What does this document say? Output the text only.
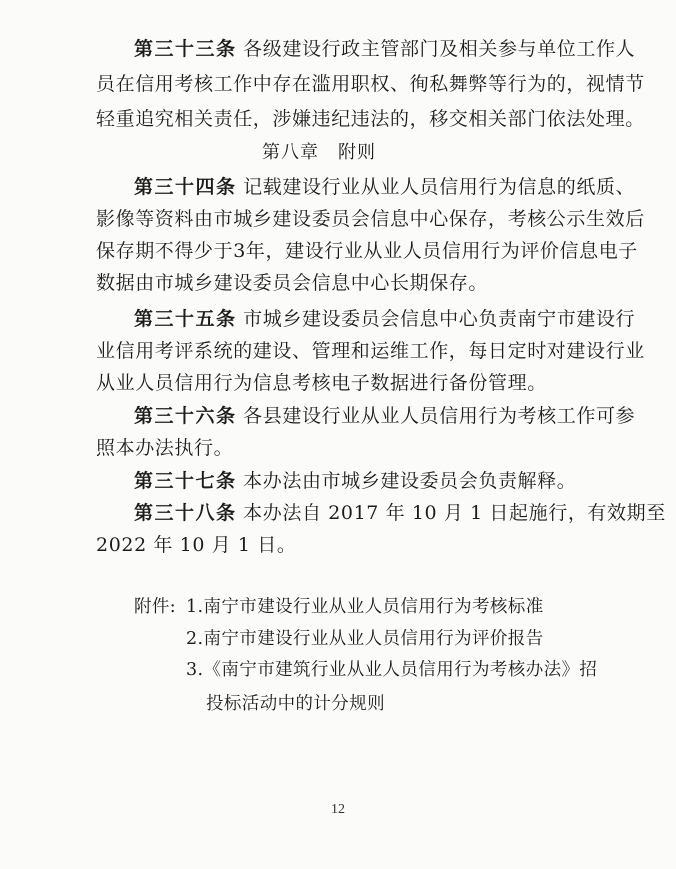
第三十三条 各级建设行政主管部门及相关参与单位工作人
员在信用考核工作中存在滥用职权、徇私舞弊等行为的，视情节
轻重追究相关责任，涉嫌违纪违法的，移交相关部门依法处理。
第八章　附则
第三十四条 记载建设行业从业人员信用行为信息的纸质、
影像等资料由市城乡建设委员会信息中心保存，考核公示生效后
保存期不得少于3年，建设行业从业人员信用行为评价信息电子
数据由市城乡建设委员会信息中心长期保存。
第三十五条 市城乡建设委员会信息中心负责南宁市建设行
业信用考评系统的建设、管理和运维工作，每日定时对建设行业
从业人员信用行为信息考核电子数据进行备份管理。
第三十六条 各县建设行业从业人员信用行为考核工作可参
照本办法执行。
第三十七条 本办法由市城乡建设委员会负责解释。
第三十八条 本办法自 2017 年 10 月 1 日起施行，有效期至
2022 年 10 月 1 日。
附件: 1.南宁市建设行业从业人员信用行为考核标准
2.南宁市建设行业从业人员信用行为评价报告
3.《南宁市建筑行业从业人员信用行为考核办法》招
投标活动中的计分规则
12
